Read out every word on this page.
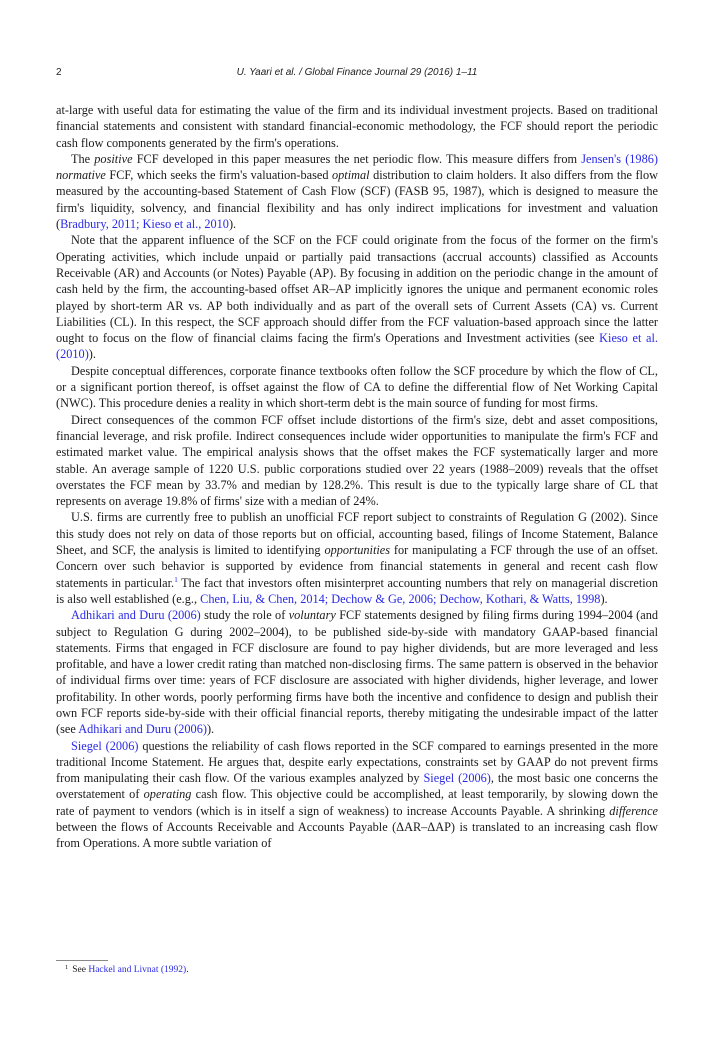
2	U. Yaari et al. / Global Finance Journal 29 (2016) 1–11

at-large with useful data for estimating the value of the firm and its individual investment projects. Based on traditional financial statements and consistent with standard financial-economic methodology, the FCF should report the periodic cash flow components generated by the firm's operations.

The positive FCF developed in this paper measures the net periodic flow. This measure differs from Jensen's (1986) normative FCF, which seeks the firm's valuation-based optimal distribution to claim holders. It also differs from the flow measured by the accounting-based Statement of Cash Flow (SCF) (FASB 95, 1987), which is designed to measure the firm's liquidity, solvency, and financial flexibility and has only indirect implications for investment and valuation (Bradbury, 2011; Kieso et al., 2010).

Note that the apparent influence of the SCF on the FCF could originate from the focus of the former on the firm's Operating activities, which include unpaid or partially paid transactions (accrual accounts) classified as Accounts Receivable (AR) and Accounts (or Notes) Payable (AP). By focusing in addition on the periodic change in the amount of cash held by the firm, the accounting-based offset AR–AP implicitly ignores the unique and permanent economic roles played by short-term AR vs. AP both individually and as part of the overall sets of Current Assets (CA) vs. Current Liabilities (CL). In this respect, the SCF approach should differ from the FCF valuation-based approach since the latter ought to focus on the flow of financial claims facing the firm's Operations and Investment activities (see Kieso et al. (2010)).

Despite conceptual differences, corporate finance textbooks often follow the SCF procedure by which the flow of CL, or a significant portion thereof, is offset against the flow of CA to define the differential flow of Net Working Capital (NWC). This procedure denies a reality in which short-term debt is the main source of funding for most firms.

Direct consequences of the common FCF offset include distortions of the firm's size, debt and asset compositions, financial leverage, and risk profile. Indirect consequences include wider opportunities to manipulate the firm's FCF and estimated market value. The empirical analysis shows that the offset makes the FCF systematically larger and more stable. An average sample of 1220 U.S. public corporations studied over 22 years (1988–2009) reveals that the offset overstates the FCF mean by 33.7% and median by 128.2%. This result is due to the typically large share of CL that represents on average 19.8% of firms' size with a median of 24%.

U.S. firms are currently free to publish an unofficial FCF report subject to constraints of Regulation G (2002). Since this study does not rely on data of those reports but on official, accounting based, filings of Income Statement, Balance Sheet, and SCF, the analysis is limited to identifying opportunities for manipulating a FCF through the use of an offset. Concern over such behavior is supported by evidence from financial statements in general and recent cash flow statements in particular.$^1$ The fact that investors often misinterpret accounting numbers that rely on managerial discretion is also well established (e.g., Chen, Liu, & Chen, 2014; Dechow & Ge, 2006; Dechow, Kothari, & Watts, 1998).

Adhikari and Duru (2006) study the role of voluntary FCF statements designed by filing firms during 1994–2004 (and subject to Regulation G during 2002–2004), to be published side-by-side with mandatory GAAP-based financial statements. Firms that engaged in FCF disclosure are found to pay higher dividends, but are more leveraged and less profitable, and have a lower credit rating than matched non-disclosing firms. The same pattern is observed in the behavior of individual firms over time: years of FCF disclosure are associated with higher dividends, higher leverage, and lower profitability. In other words, poorly performing firms have both the incentive and confidence to design and publish their own FCF reports side-by-side with their official financial reports, thereby mitigating the undesirable impact of the latter (see Adhikari and Duru (2006)).

Siegel (2006) questions the reliability of cash flows reported in the SCF compared to earnings presented in the more traditional Income Statement. He argues that, despite early expectations, constraints set by GAAP do not prevent firms from manipulating their cash flow. Of the various examples analyzed by Siegel (2006), the most basic one concerns the overstatement of operating cash flow. This objective could be accomplished, at least temporarily, by slowing down the rate of payment to vendors (which is in itself a sign of weakness) to increase Accounts Payable. A shrinking difference between the flows of Accounts Receivable and Accounts Payable (ΔAR–ΔAP) is translated to an increasing cash flow from Operations. A more subtle variation of

$^1$ See Hackel and Livnat (1992).
